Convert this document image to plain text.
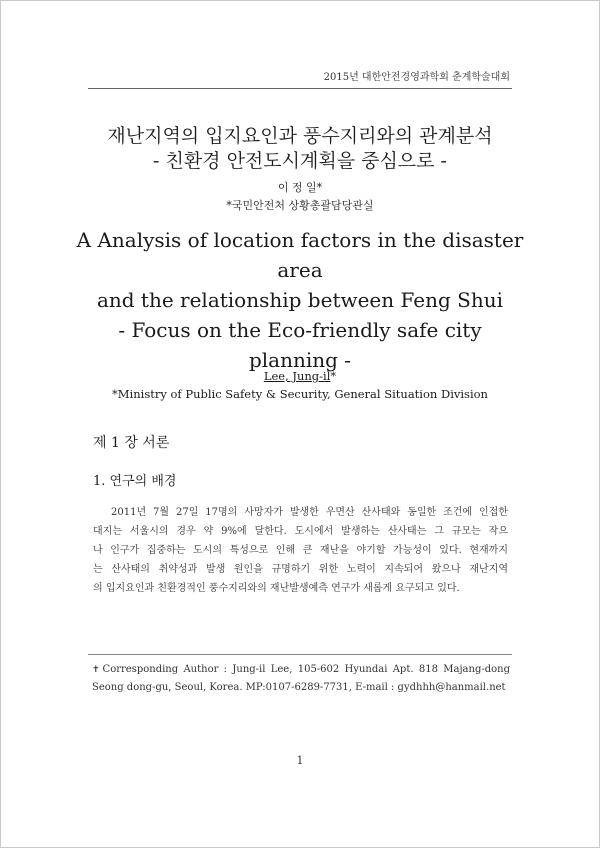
2015년 대한안전경영과학회 춘계학술대회
재난지역의 입지요인과 풍수지리와의 관계분석
- 친환경 안전도시계획을 중심으로 -
이 정 일*
*국민안전처 상황총괄담당관실
A Analysis of location factors in the disaster
area
and the relationship between Feng Shui
- Focus on the Eco-friendly safe city
planning -
Lee, Jung-il*
*Ministry of Public Safety & Security, General Situation Division
제 1 장 서론
1. 연구의 배경
2011년 7월 27일 17명의 사망자가 발생한 우면산 산사태와 동일한 조건에 인접한
대지는 서울시의 경우 약 9%에 달한다. 도시에서 발생하는 산사태는 그 규모는 작으
나 인구가 집중하는 도시의 특성으로 인해 큰 재난을 야기할 가능성이 있다. 현재까지
는 산사태의 취약성과 발생 원인을 규명하기 위한 노력이 지속되어 왔으나 재난지역
의 입지요인과 친환경적인 풍수지리와의 재난발생예측 연구가 새롭게 요구되고 있다.
✝ Corresponding Author : Jung-il Lee, 105-602 Hyundai Apt. 818 Majang-dong
Seong dong-gu, Seoul, Korea. MP:0107-6289-7731, E-mail : gydhhh@hanmail.net
1
